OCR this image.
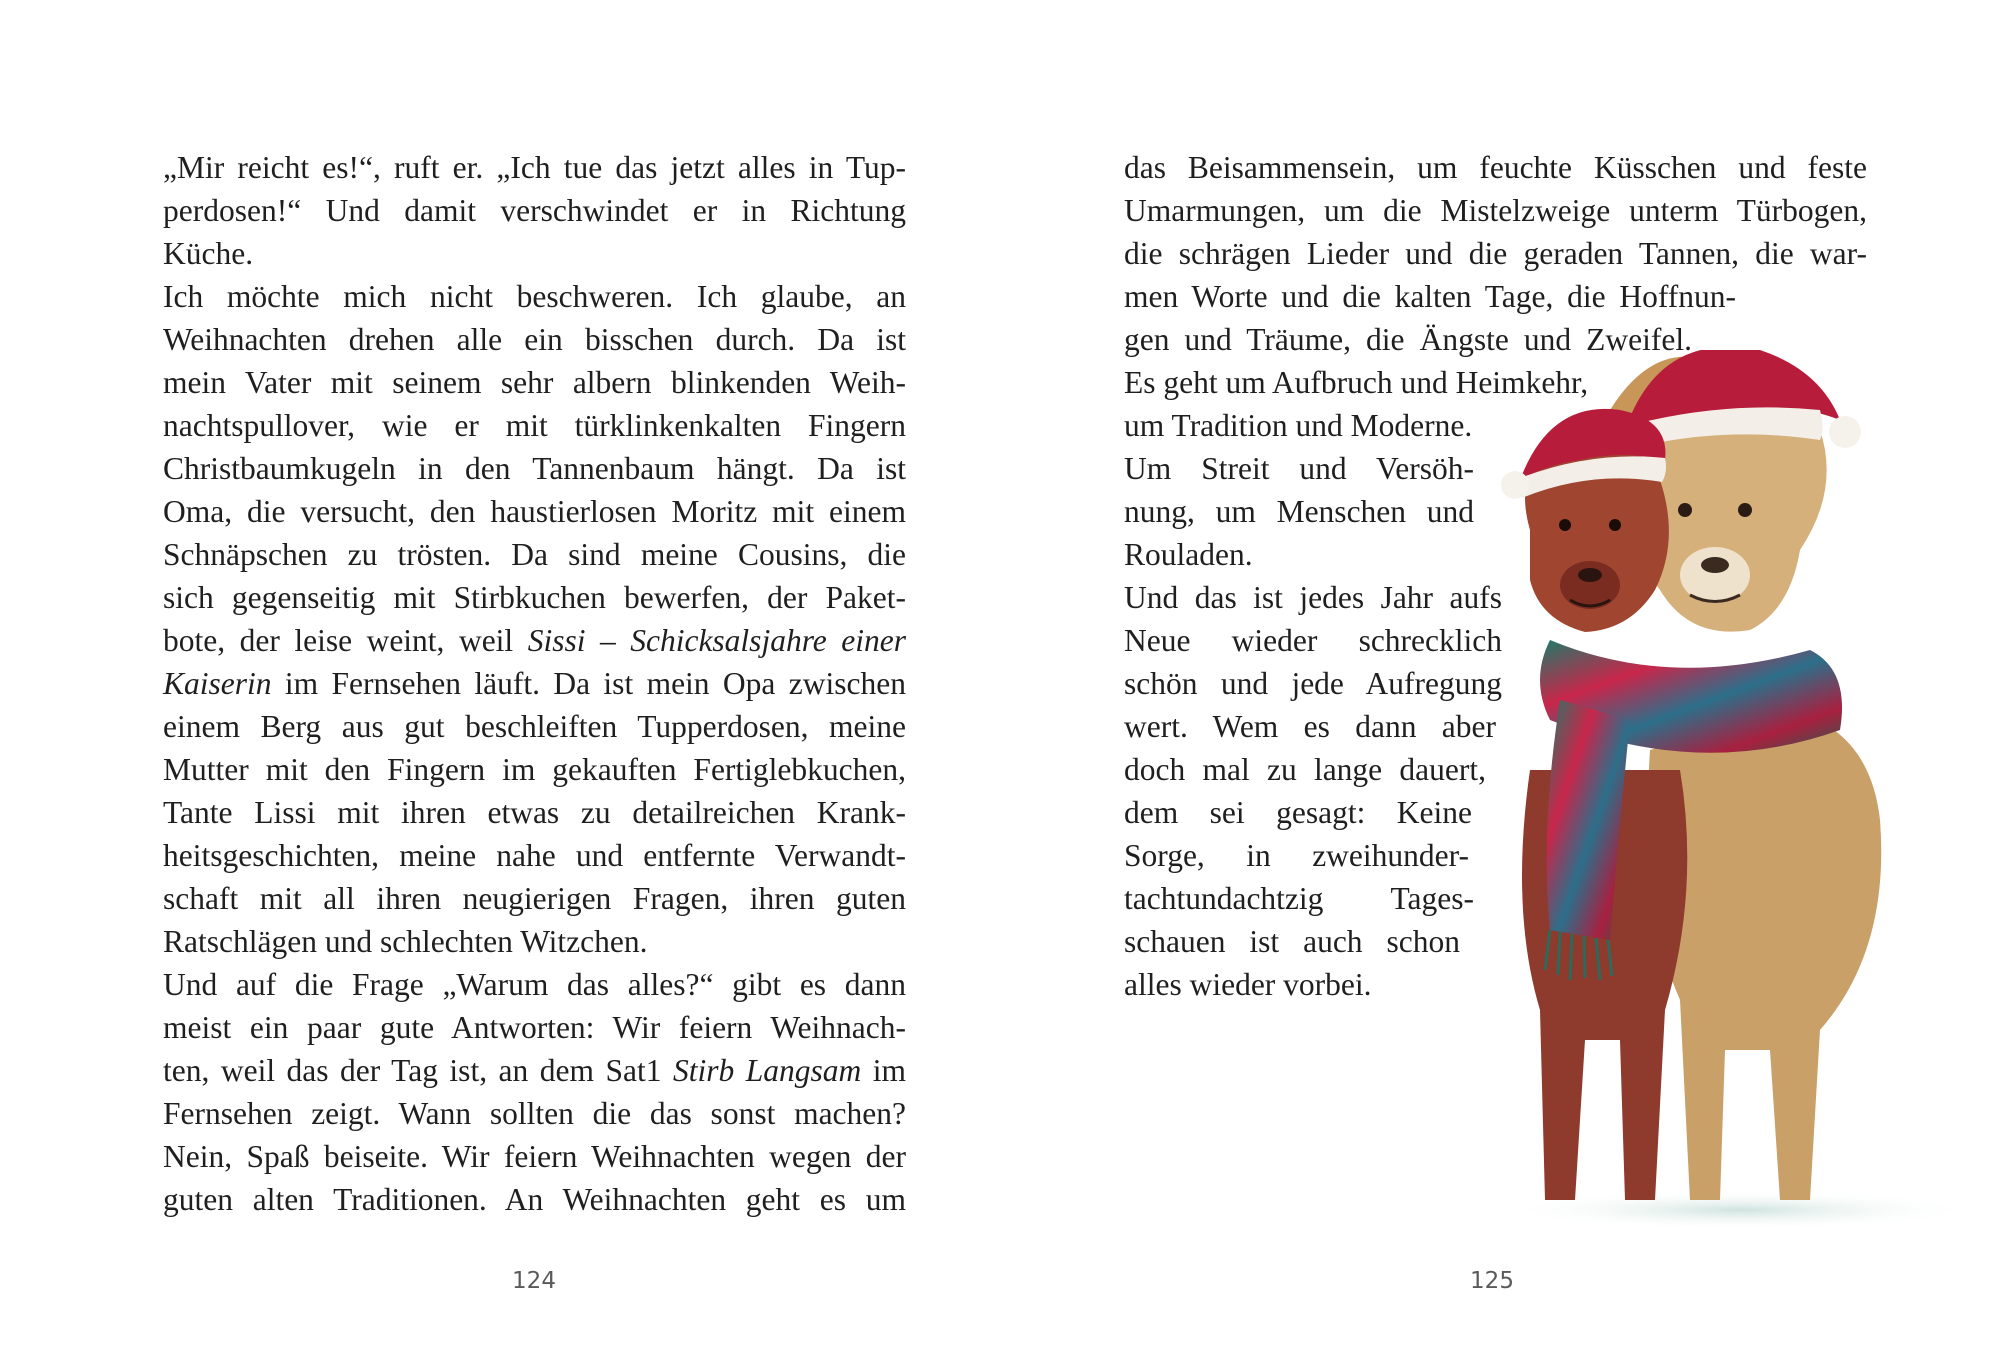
„Mir reicht es!“, ruft er. „Ich tue das jetzt alles in Tup-

perdosen!“ Und damit verschwindet er in Richtung

Küche.

Ich möchte mich nicht beschweren. Ich glaube, an

Weihnachten drehen alle ein bisschen durch. Da ist

mein Vater mit seinem sehr albern blinkenden Weih-

nachtspullover, wie er mit türklinkenkalten Fingern

Christbaumkugeln in den Tannenbaum hängt. Da ist

Oma, die versucht, den haustierlosen Moritz mit einem

Schnäpschen zu trösten. Da sind meine Cousins, die

sich gegenseitig mit Stirbkuchen bewerfen, der Paket-

bote, der leise weint, weil Sissi – Schicksalsjahre einer

Kaiserin im Fernsehen läuft. Da ist mein Opa zwischen

einem Berg aus gut beschleiften Tupperdosen, meine

Mutter mit den Fingern im gekauften Fertiglebkuchen,

Tante Lissi mit ihren etwas zu detailreichen Krank-

heitsgeschichten, meine nahe und entfernte Verwandt-

schaft mit all ihren neugierigen Fragen, ihren guten

Ratschlägen und schlechten Witzchen.

Und auf die Frage „Warum das alles?“ gibt es dann

meist ein paar gute Antworten: Wir feiern Weihnach-

ten, weil das der Tag ist, an dem Sat1 Stirb Langsam im

Fernsehen zeigt. Wann sollten die das sonst machen?

Nein, Spaß beiseite. Wir feiern Weihnachten wegen der

guten alten Traditionen. An Weihnachten geht es um

124

das Beisammensein, um feuchte Küsschen und feste

Umarmungen, um die Mistelzweige unterm Türbogen,

die schrägen Lieder und die geraden Tannen, die war-

men Worte und die kalten Tage, die Hoffnun-

gen und Träume, die Ängste und Zweifel.

Es geht um Aufbruch und Heimkehr,

um Tradition und Moderne.

Um Streit und Versöh-

nung, um Menschen und

Rouladen.

Und das ist jedes Jahr aufs

Neue wieder schrecklich

schön und jede Aufregung

wert. Wem es dann aber

doch mal zu lange dauert,

dem sei gesagt: Keine

Sorge, in zweihunder-

tachtundachtzig Tages-

schauen ist auch schon

alles wieder vorbei.

125
